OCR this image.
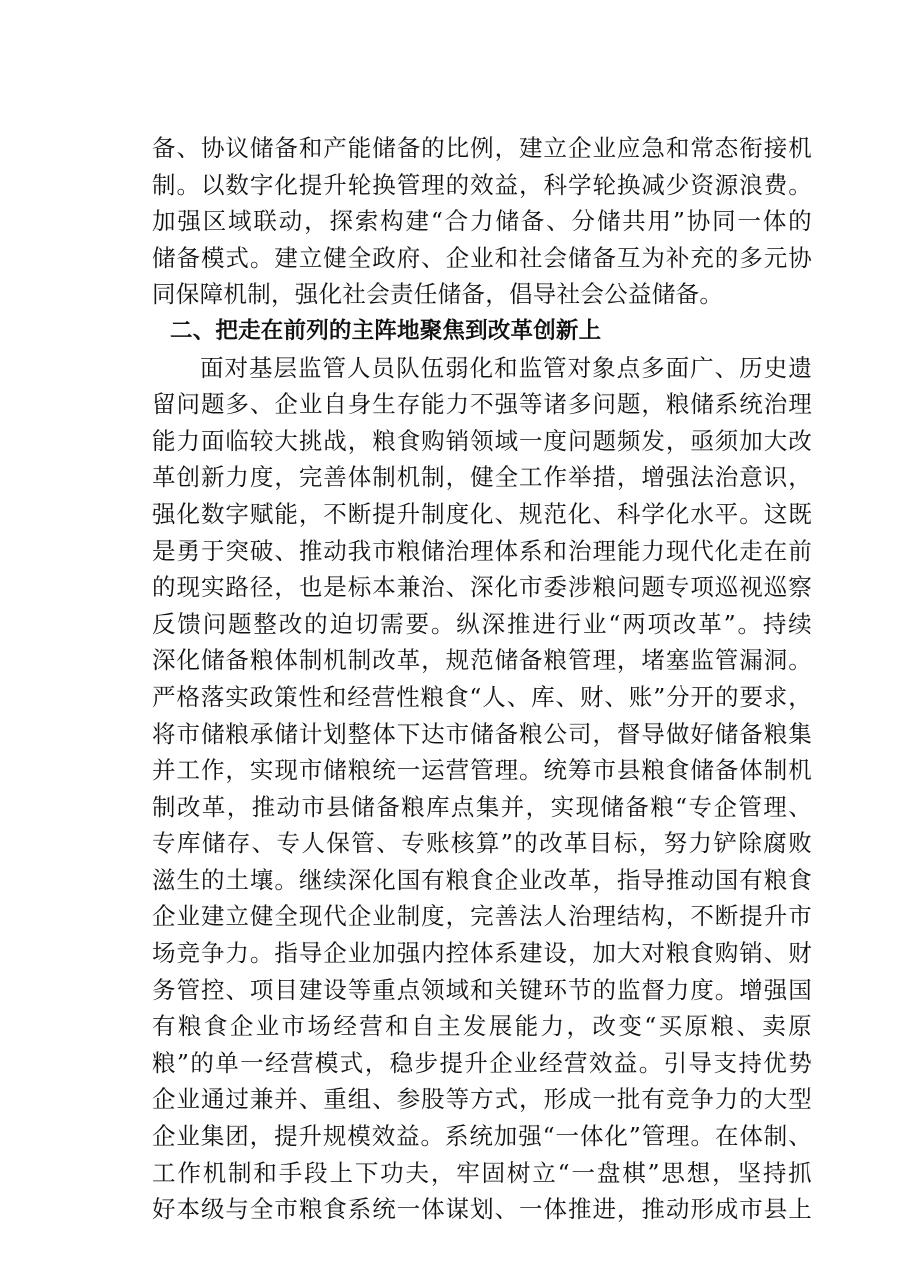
备、协议储备和产能储备的比例，建立企业应急和常态衔接机
制。以数字化提升轮换管理的效益，科学轮换减少资源浪费。
加强区域联动，探索构建“合力储备、分储共用”协同一体的
储备模式。建立健全政府、企业和社会储备互为补充的多元协
同保障机制，强化社会责任储备，倡导社会公益储备。
二、把走在前列的主阵地聚焦到改革创新上
面对基层监管人员队伍弱化和监管对象点多面广、历史遗
留问题多、企业自身生存能力不强等诸多问题，粮储系统治理
能力面临较大挑战，粮食购销领域一度问题频发，亟须加大改
革创新力度，完善体制机制，健全工作举措，增强法治意识，
强化数字赋能，不断提升制度化、规范化、科学化水平。这既
是勇于突破、推动我市粮储治理体系和治理能力现代化走在前
的现实路径，也是标本兼治、深化市委涉粮问题专项巡视巡察
反馈问题整改的迫切需要。纵深推进行业“两项改革”。持续
深化储备粮体制机制改革，规范储备粮管理，堵塞监管漏洞。
严格落实政策性和经营性粮食“人、库、财、账”分开的要求，
将市储粮承储计划整体下达市储备粮公司，督导做好储备粮集
并工作，实现市储粮统一运营管理。统筹市县粮食储备体制机
制改革，推动市县储备粮库点集并，实现储备粮“专企管理、
专库储存、专人保管、专账核算”的改革目标，努力铲除腐败
滋生的土壤。继续深化国有粮食企业改革，指导推动国有粮食
企业建立健全现代企业制度，完善法人治理结构，不断提升市
场竞争力。指导企业加强内控体系建设，加大对粮食购销、财
务管控、项目建设等重点领域和关键环节的监督力度。增强国
有粮食企业市场经营和自主发展能力，改变“买原粮、卖原
粮”的单一经营模式，稳步提升企业经营效益。引导支持优势
企业通过兼并、重组、参股等方式，形成一批有竞争力的大型
企业集团，提升规模效益。系统加强“一体化”管理。在体制、
工作机制和手段上下功夫，牢固树立“一盘棋”思想，坚持抓
好本级与全市粮食系统一体谋划、一体推进，推动形成市县上
